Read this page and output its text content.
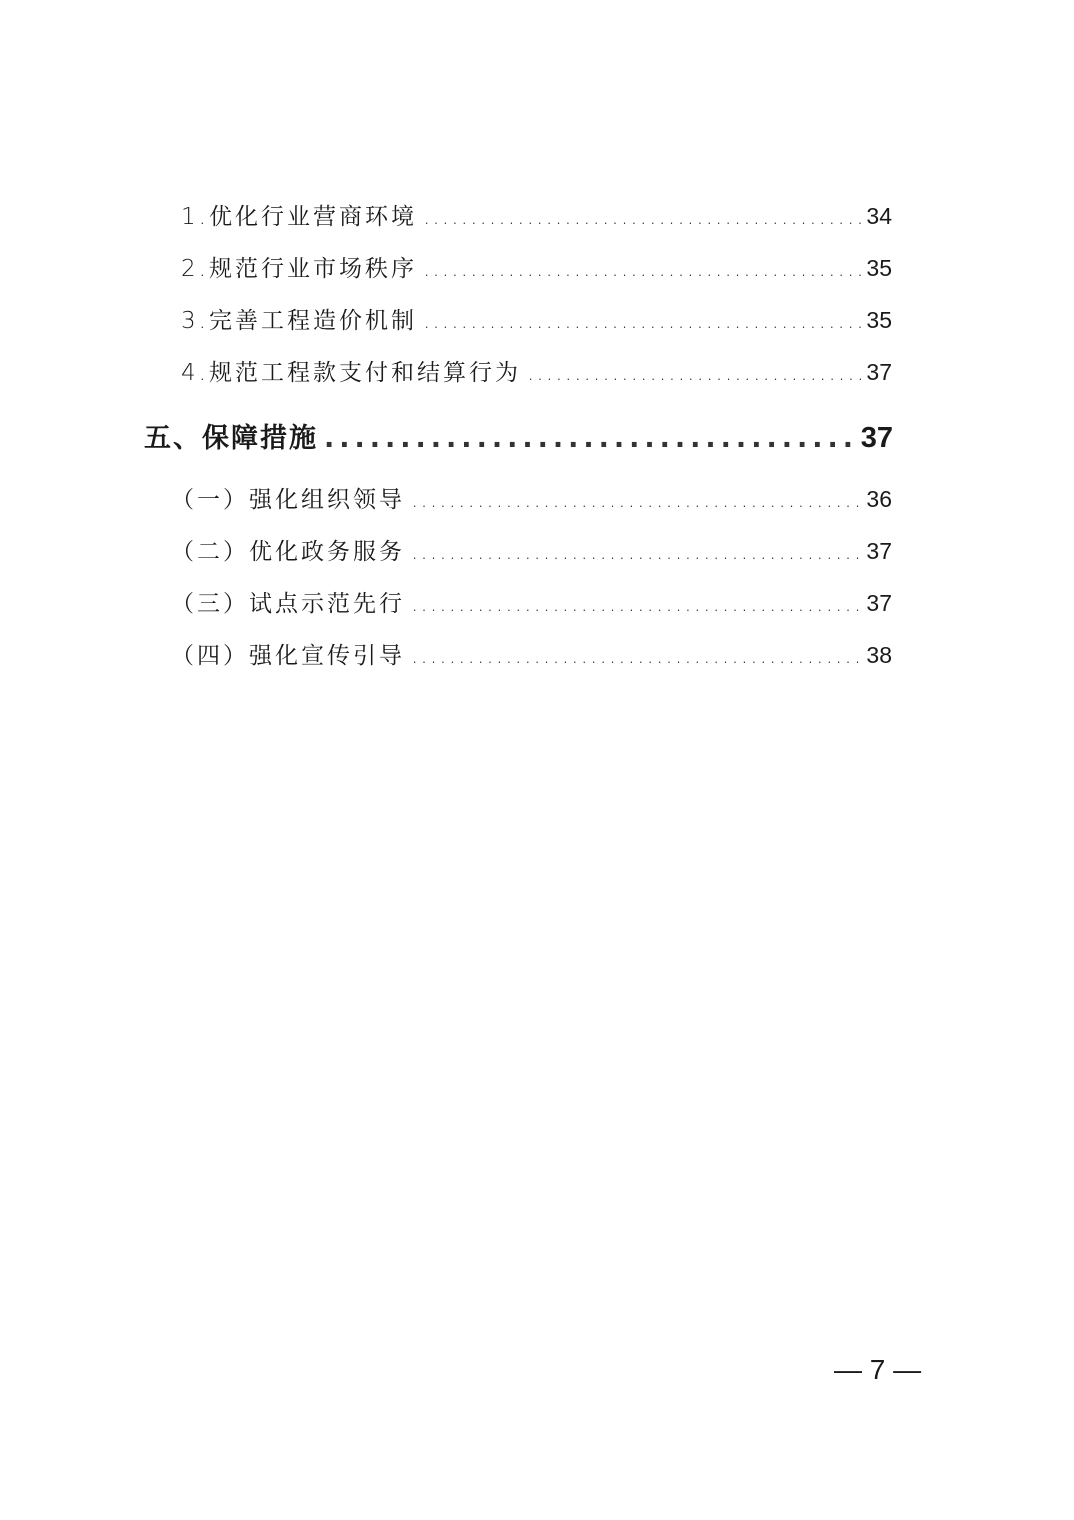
1.优化行业营商环境 . . .	34
2.规范行业市场秩序 . . .	35
3.完善工程造价机制 . . .	35
4.规范工程款支付和结算行为 . . .	37
五、保障措施 . . .	37
（一）强化组织领导 . . .	36
（二）优化政务服务 . . .	37
（三）试点示范先行 . . .	37
（四）强化宣传引导 . . .	38
— 7 —
